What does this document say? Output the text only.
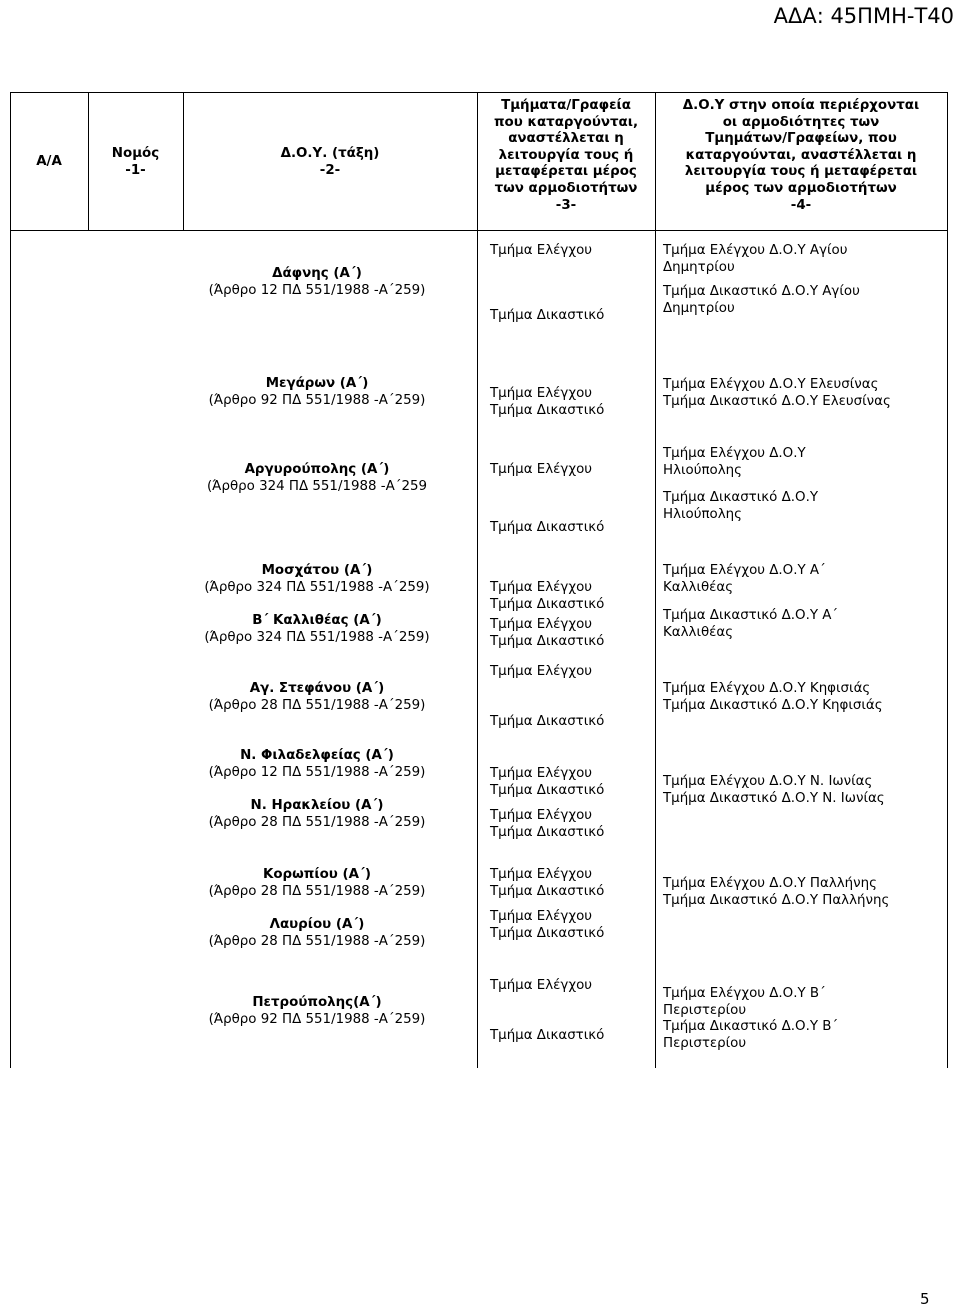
ΑΔΑ: 45ΠΜΗ-Τ40
Α/Α
Νομός
-1-
Δ.Ο.Υ. (τάξη)
-2-
Τμήματα/Γραφεία
που καταργούνται,
αναστέλλεται η
λειτουργία τους ή
μεταφέρεται μέρος
των αρμοδιοτήτων
-3-
Δ.Ο.Υ στην οποία περιέρχονται
οι αρμοδιότητες των
Τμημάτων/Γραφείων, που
καταργούνται, αναστέλλεται η
λειτουργία τους ή μεταφέρεται
μέρος των αρμοδιοτήτων
-4-
Δάφνης (Α΄)
(Άρθρο 12 ΠΔ 551/1988 -Α΄259)
Τμήμα Ελέγχου
Τμήμα Δικαστικό
Τμήμα Ελέγχου Δ.Ο.Υ Αγίου
Δημητρίου
Τμήμα Δικαστικό Δ.Ο.Υ Αγίου
Δημητρίου
Μεγάρων (Α΄)
(Άρθρο 92 ΠΔ 551/1988 -Α΄259)	Τμήμα Ελέγχου
Τμήμα Δικαστικό
Τμήμα Ελέγχου Δ.Ο.Υ Ελευσίνας
Τμήμα Δικαστικό Δ.Ο.Υ Ελευσίνας
Αργυρούπολης (Α΄)
(Άρθρο 324 ΠΔ 551/1988 -Α΄259
Τμήμα Ελέγχου
Τμήμα Δικαστικό
Τμήμα Ελέγχου Δ.Ο.Υ
Ηλιούπολης
Τμήμα Δικαστικό Δ.Ο.Υ
Ηλιούπολης
Μοσχάτου (Α΄)
(Άρθρο 324 ΠΔ 551/1988 -Α΄259)
Β΄ Καλλιθέας (Α΄)
(Άρθρο 324 ΠΔ 551/1988 -Α΄259)
Τμήμα Ελέγχου
Τμήμα Δικαστικό
Τμήμα Ελέγχου
Τμήμα Δικαστικό
Τμήμα Ελέγχου Δ.Ο.Υ Α΄
Καλλιθέας
Τμήμα Δικαστικό Δ.Ο.Υ Α΄
Καλλιθέας
Αγ. Στεφάνου (Α΄)
(Άρθρο 28 ΠΔ 551/1988 -Α΄259)
Τμήμα Ελέγχου
Τμήμα Δικαστικό
Τμήμα Ελέγχου Δ.Ο.Υ Κηφισιάς
Τμήμα Δικαστικό Δ.Ο.Υ Κηφισιάς
Ν. Φιλαδελφείας (Α΄)
(Άρθρο 12 ΠΔ 551/1988 -Α΄259)
Ν. Ηρακλείου (Α΄)
(Άρθρο 28 ΠΔ 551/1988 -Α΄259)
Τμήμα Ελέγχου
Τμήμα Δικαστικό
Τμήμα Ελέγχου
Τμήμα Δικαστικό
Τμήμα Ελέγχου Δ.Ο.Υ Ν. Ιωνίας
Τμήμα Δικαστικό Δ.Ο.Υ Ν. Ιωνίας
Κορωπίου (Α΄)
(Άρθρο 28 ΠΔ 551/1988 -Α΄259)
Λαυρίου (Α΄)
(Άρθρο 28 ΠΔ 551/1988 -Α΄259)
Τμήμα Ελέγχου
Τμήμα Δικαστικό
Τμήμα Ελέγχου
Τμήμα Δικαστικό
Τμήμα Ελέγχου Δ.Ο.Υ Παλλήνης
Τμήμα Δικαστικό Δ.Ο.Υ Παλλήνης
Πετρούπολης(Α΄)
(Άρθρο 92 ΠΔ 551/1988 -Α΄259)
Τμήμα Ελέγχου
Τμήμα Δικαστικό
Τμήμα Ελέγχου Δ.Ο.Υ Β΄
Περιστερίου
Τμήμα Δικαστικό Δ.Ο.Υ Β΄
Περιστερίου
5
